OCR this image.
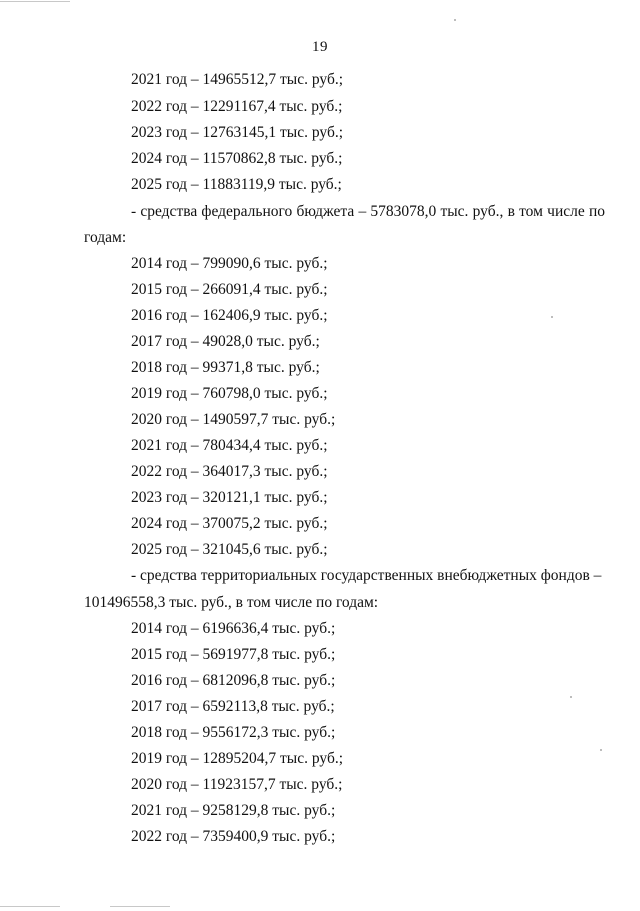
19
2021 год – 14965512,7 тыс. руб.;
2022 год – 12291167,4 тыс. руб.;
2023 год – 12763145,1 тыс. руб.;
2024 год – 11570862,8 тыс. руб.;
2025 год – 11883119,9 тыс. руб.;
- средства федерального бюджета – 5783078,0 тыс. руб., в том числе по
годам:
2014 год – 799090,6 тыс. руб.;
2015 год – 266091,4 тыс. руб.;
2016 год – 162406,9 тыс. руб.;
2017 год – 49028,0 тыс. руб.;
2018 год – 99371,8 тыс. руб.;
2019 год – 760798,0 тыс. руб.;
2020 год – 1490597,7 тыс. руб.;
2021 год – 780434,4 тыс. руб.;
2022 год – 364017,3 тыс. руб.;
2023 год – 320121,1 тыс. руб.;
2024 год – 370075,2 тыс. руб.;
2025 год – 321045,6 тыс. руб.;
- средства территориальных государственных внебюджетных фондов –
101496558,3 тыс. руб., в том числе по годам:
2014 год – 6196636,4 тыс. руб.;
2015 год – 5691977,8 тыс. руб.;
2016 год – 6812096,8 тыс. руб.;
2017 год – 6592113,8 тыс. руб.;
2018 год – 9556172,3 тыс. руб.;
2019 год – 12895204,7 тыс. руб.;
2020 год – 11923157,7 тыс. руб.;
2021 год – 9258129,8 тыс. руб.;
2022 год – 7359400,9 тыс. руб.;
